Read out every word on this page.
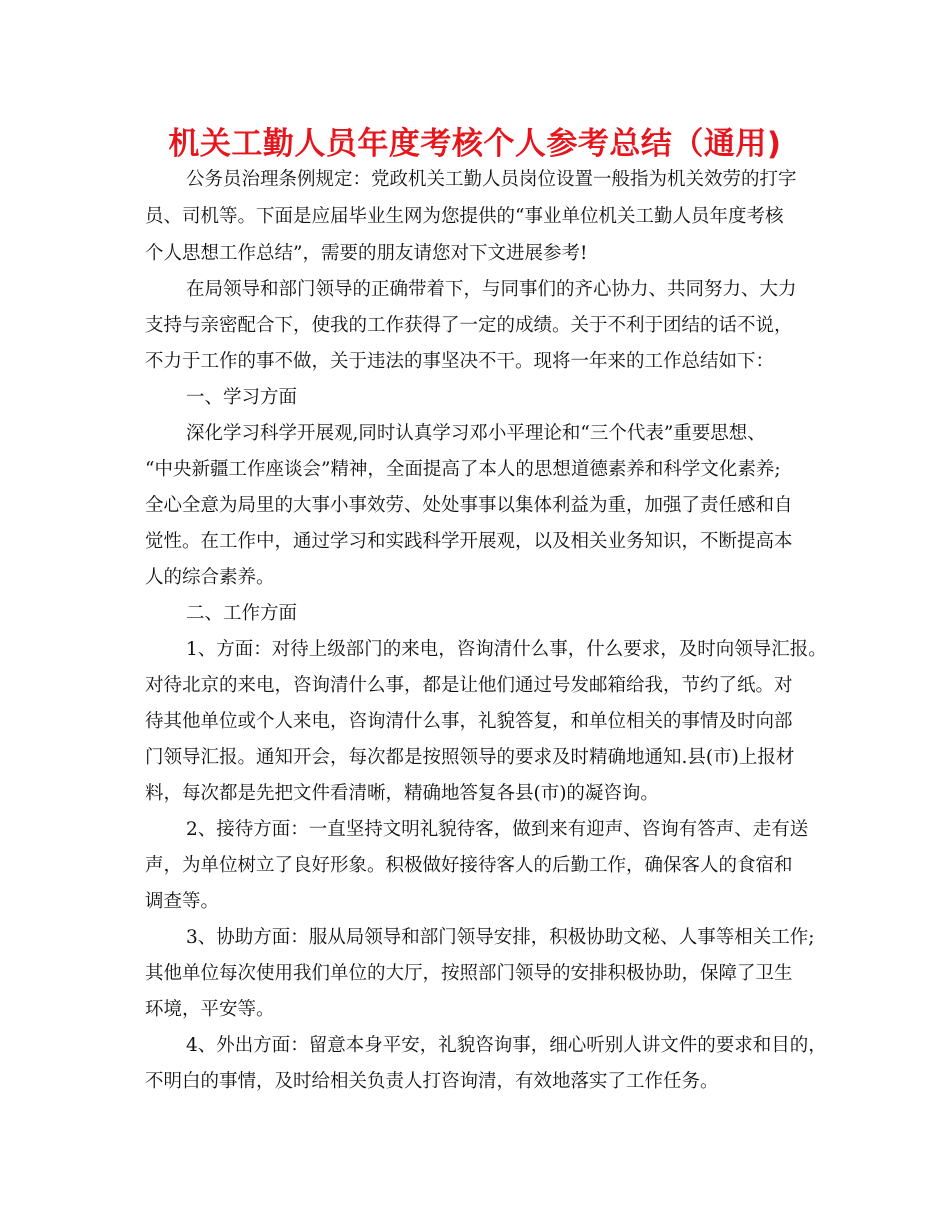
机关工勤人员年度考核个人参考总结（通用)

公务员治理条例规定：党政机关工勤人员岗位设置一般指为机关效劳的打字

员、司机等。下面是应届毕业生网为您提供的“事业单位机关工勤人员年度考核

个人思想工作总结”，需要的朋友请您对下文进展参考!

在局领导和部门领导的正确带着下，与同事们的齐心协力、共同努力、大力

支持与亲密配合下，使我的工作获得了一定的成绩。关于不利于团结的话不说，

不力于工作的事不做，关于违法的事坚决不干。现将一年来的工作总结如下：

一、学习方面

深化学习科学开展观,同时认真学习邓小平理论和“三个代表”重要思想、

“中央新疆工作座谈会”精神，全面提高了本人的思想道德素养和科学文化素养;

全心全意为局里的大事小事效劳、处处事事以集体利益为重，加强了责任感和自

觉性。在工作中，通过学习和实践科学开展观，以及相关业务知识，不断提高本

人的综合素养。

二、工作方面

1、方面：对待上级部门的来电，咨询清什么事，什么要求，及时向领导汇报。

对待北京的来电，咨询清什么事，都是让他们通过号发邮箱给我，节约了纸。对

待其他单位或个人来电，咨询清什么事，礼貌答复，和单位相关的事情及时向部

门领导汇报。通知开会，每次都是按照领导的要求及时精确地通知.县(市)上报材

料，每次都是先把文件看清晰，精确地答复各县(市)的凝咨询。

2、接待方面：一直坚持文明礼貌待客，做到来有迎声、咨询有答声、走有送

声，为单位树立了良好形象。积极做好接待客人的后勤工作，确保客人的食宿和

调查等。

3、协助方面：服从局领导和部门领导安排，积极协助文秘、人事等相关工作;

其他单位每次使用我们单位的大厅，按照部门领导的安排积极协助，保障了卫生

环境，平安等。

4、外出方面：留意本身平安，礼貌咨询事，细心听别人讲文件的要求和目的，

不明白的事情，及时给相关负责人打咨询清，有效地落实了工作任务。
